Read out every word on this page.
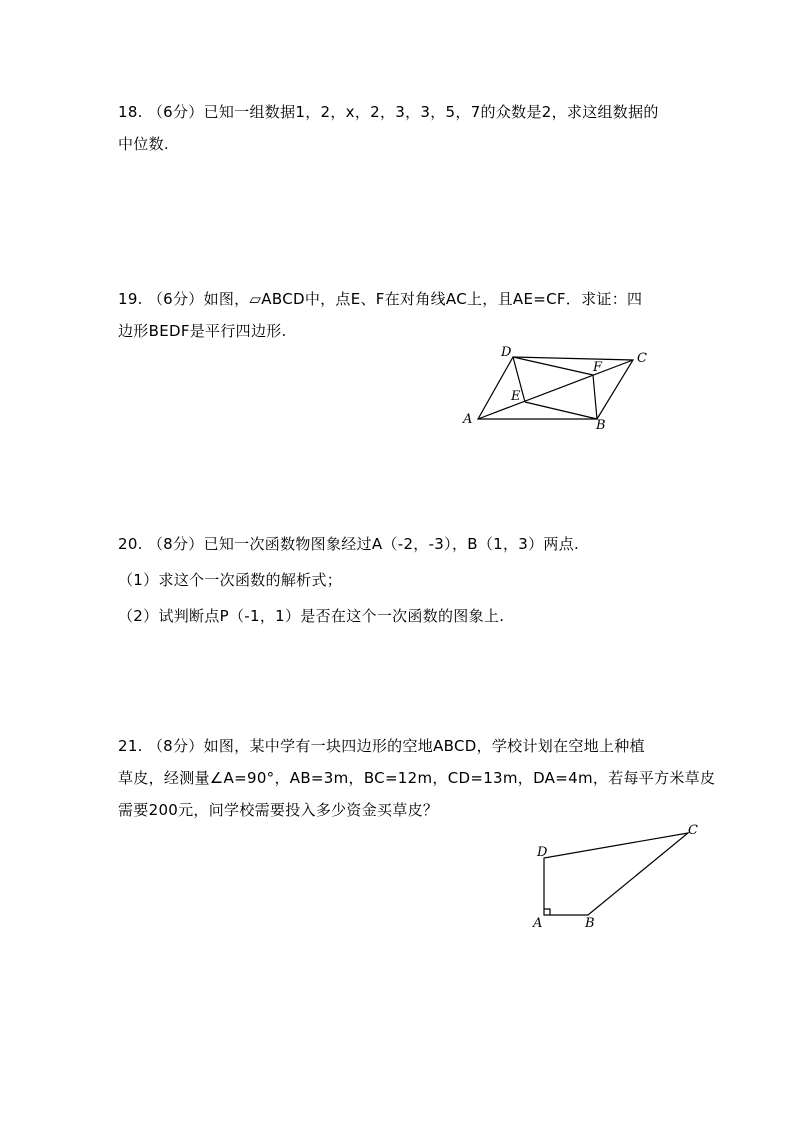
18. （6分）已知一组数据1，2，x，2，3，3，5，7的众数是2，求这组数据的
中位数.
19. （6分）如图，▱ABCD中，点E、F在对角线AC上，且AE=CF．求证：四
边形BEDF是平行四边形.
D	C
F
E
A	B
20. （8分）已知一次函数物图象经过A（-2，-3），B（1，3）两点.
（1）求这个一次函数的解析式；
（2）试判断点P（-1，1）是否在这个一次函数的图象上.
21. （8分）如图，某中学有一块四边形的空地ABCD，学校计划在空地上种植
草皮，经测量∠A=90°，AB=3m，BC=12m，CD=13m，DA=4m，若每平方米草皮
需要200元，问学校需要投入多少资金买草皮？
D
C
A	B
